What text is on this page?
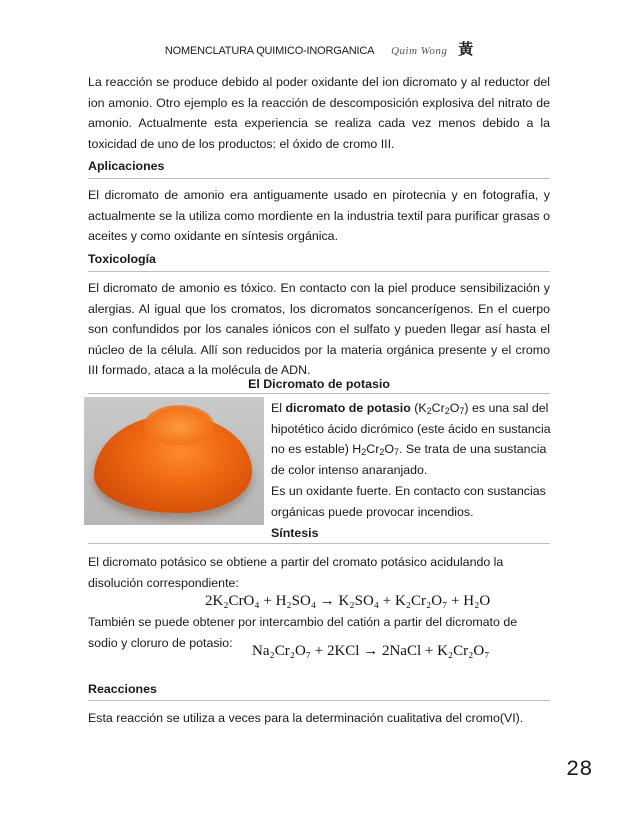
NOMENCLATURA QUIMICO-INORGANICA Quim Wong 黃
La reacción se produce debido al poder oxidante del ion dicromato y al reductor del ion amonio. Otro ejemplo es la reacción de descomposición explosiva del nitrato de amonio. Actualmente esta experiencia se realiza cada vez menos debido a la toxicidad de uno de los productos: el óxido de cromo III.
Aplicaciones
El dicromato de amonio era antiguamente usado en pirotecnia y en fotografía, y actualmente se la utiliza como mordiente en la industria textil para purificar grasas o aceites y como oxidante en síntesis orgánica.
Toxicología
El dicromato de amonio es tóxico. En contacto con la piel produce sensibilización y alergias. Al igual que los cromatos, los dicromatos soncancerígenos. En el cuerpo son confundidos por los canales iónicos con el sulfato y pueden llegar así hasta el núcleo de la célula. Allí son reducidos por la materia orgánica presente y el cromo III formado, ataca a la molécula de ADN.
El Dicromato de potasio
El dicromato de potasio $(K_2Cr_2O_7)$ es una sal del hipotético ácido dicrómico (este ácido en sustancia no es estable) $H_2Cr_2O_7$. Se trata de una sustancia de color intenso anaranjado.
Es un oxidante fuerte. En contacto con sustancias orgánicas puede provocar incendios.
Síntesis
El dicromato potásico se obtiene a partir del cromato potásico acidulando la disolución correspondiente:
2K₂CrO₄ + H₂SO₄ → K₂SO₄ + K₂Cr₂O₇ + H₂O
También se puede obtener por intercambio del catión a partir del dicromato de sodio y cloruro de potasio:
Na₂Cr₂O₇ + 2KCl → 2NaCl + K₂Cr₂O₇
Reacciones
Esta reacción se utiliza a veces para la determinación cualitativa del cromo(VI).
28
